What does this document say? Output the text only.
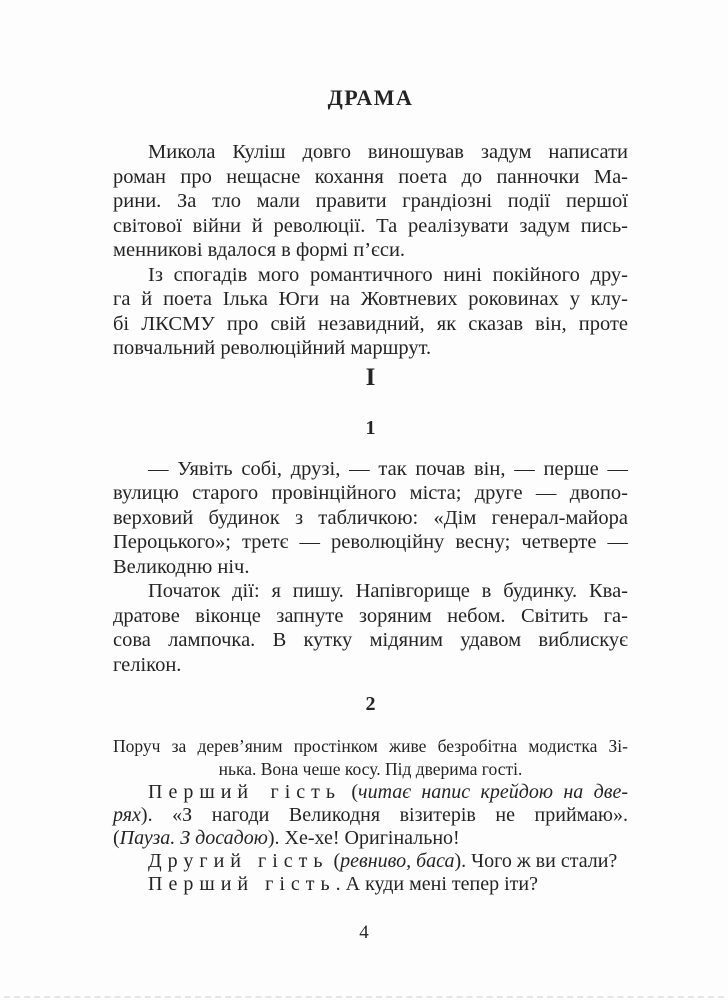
ДРАМА
Микола Куліш довго виношував задум написати
роман про нещасне кохання поета до панночки Ма-
рини. За тло мали правити грандіозні події першої
світової війни й революції. Та реалізувати задум пись-
менникові вдалося в формі п’єси.
Із спогадів мого романтичного нині покійного дру-
га й поета Ілька Юги на Жовтневих роковинах у клу-
бі ЛКСМУ про свій незавидний, як сказав він, проте
повчальний революційний маршрут.
I
1
— Уявіть собі, друзі, — так почав він, — перше —
вулицю старого провінційного міста; друге — двопо-
верховий будинок з табличкою: «Дім генерал-майора
Пероцького»; третє — революційну весну; четверте —
Великодню ніч.
Початок дії: я пишу. Напівгорище в будинку. Ква-
дратове віконце запнуте зоряним небом. Світить га-
сова лампочка. В кутку мідяним удавом виблискує
гелікон.
2
Поруч за дерев’яним простінком живе безробітна модистка Зі-
нька. Вона чеше косу. Під дверима гості.
Перший гість (читає напис крейдою на две-
рях). «З нагоди Великодня візитерів не приймаю».
(Пауза. З досадою). Хе-хе! Оригінально!
Другий гість (ревниво, баса). Чого ж ви стали?
Перший гість. А куди мені тепер іти?
4
